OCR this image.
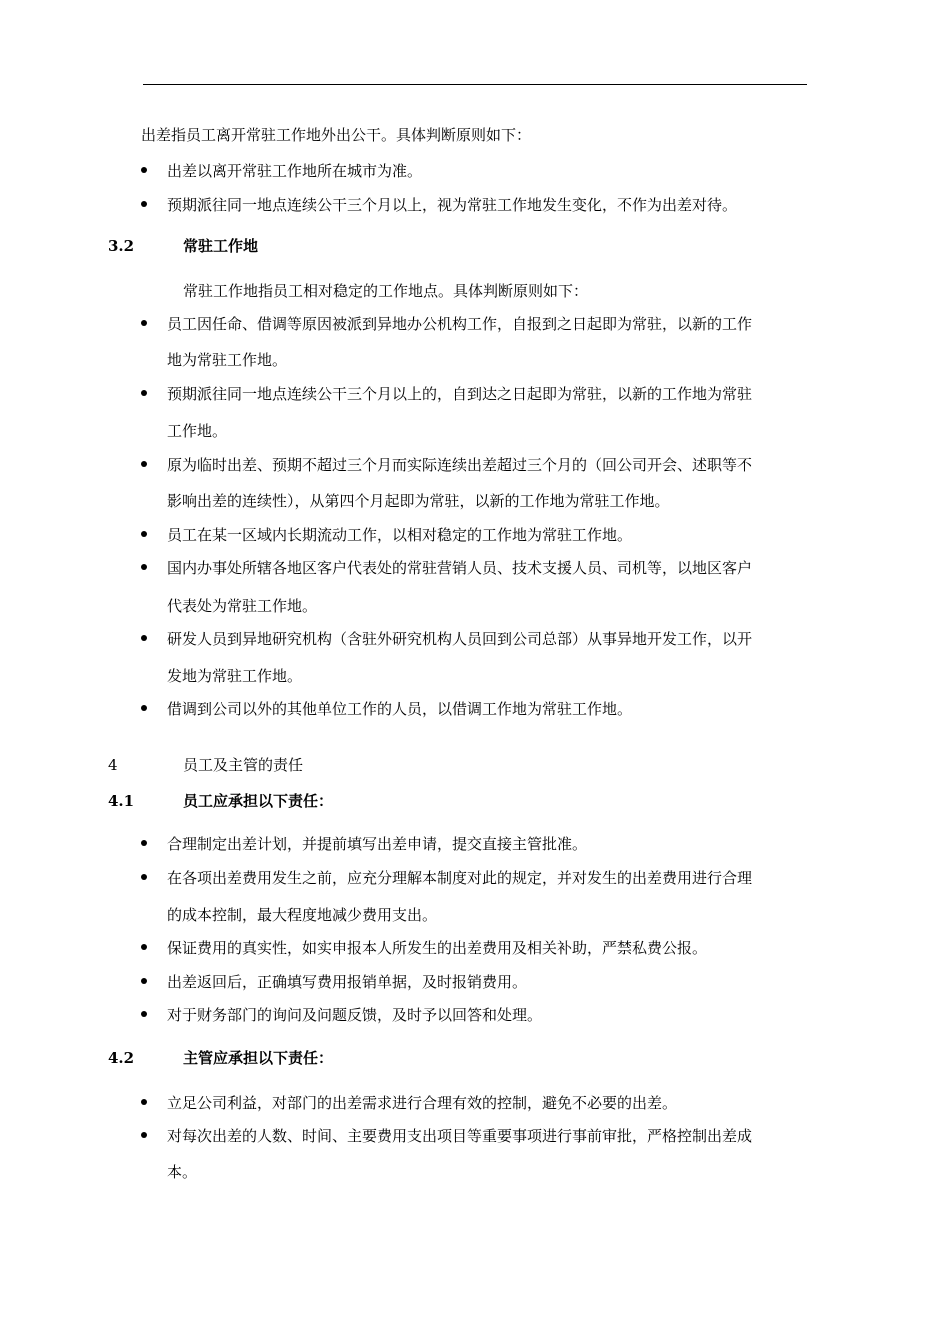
出差指员工离开常驻工作地外出公干。具体判断原则如下：
出差以离开常驻工作地所在城市为准。
预期派往同一地点连续公干三个月以上，视为常驻工作地发生变化，不作为出差对待。
3.2	常驻工作地
常驻工作地指员工相对稳定的工作地点。具体判断原则如下：
员工因任命、借调等原因被派到异地办公机构工作，自报到之日起即为常驻，以新的工作
地为常驻工作地。
预期派往同一地点连续公干三个月以上的，自到达之日起即为常驻，以新的工作地为常驻
工作地。
原为临时出差、预期不超过三个月而实际连续出差超过三个月的（回公司开会、述职等不
影响出差的连续性），从第四个月起即为常驻，以新的工作地为常驻工作地。
员工在某一区域内长期流动工作，以相对稳定的工作地为常驻工作地。
国内办事处所辖各地区客户代表处的常驻营销人员、技术支援人员、司机等，以地区客户
代表处为常驻工作地。
研发人员到异地研究机构（含驻外研究机构人员回到公司总部）从事异地开发工作，以开
发地为常驻工作地。
借调到公司以外的其他单位工作的人员，以借调工作地为常驻工作地。
4	员工及主管的责任
4.1	员工应承担以下责任：
合理制定出差计划，并提前填写出差申请，提交直接主管批准。
在各项出差费用发生之前，应充分理解本制度对此的规定，并对发生的出差费用进行合理
的成本控制，最大程度地减少费用支出。
保证费用的真实性，如实申报本人所发生的出差费用及相关补助，严禁私费公报。
出差返回后，正确填写费用报销单据，及时报销费用。
对于财务部门的询问及问题反馈，及时予以回答和处理。
4.2	主管应承担以下责任：
立足公司利益，对部门的出差需求进行合理有效的控制，避免不必要的出差。
对每次出差的人数、时间、主要费用支出项目等重要事项进行事前审批，严格控制出差成
本。
